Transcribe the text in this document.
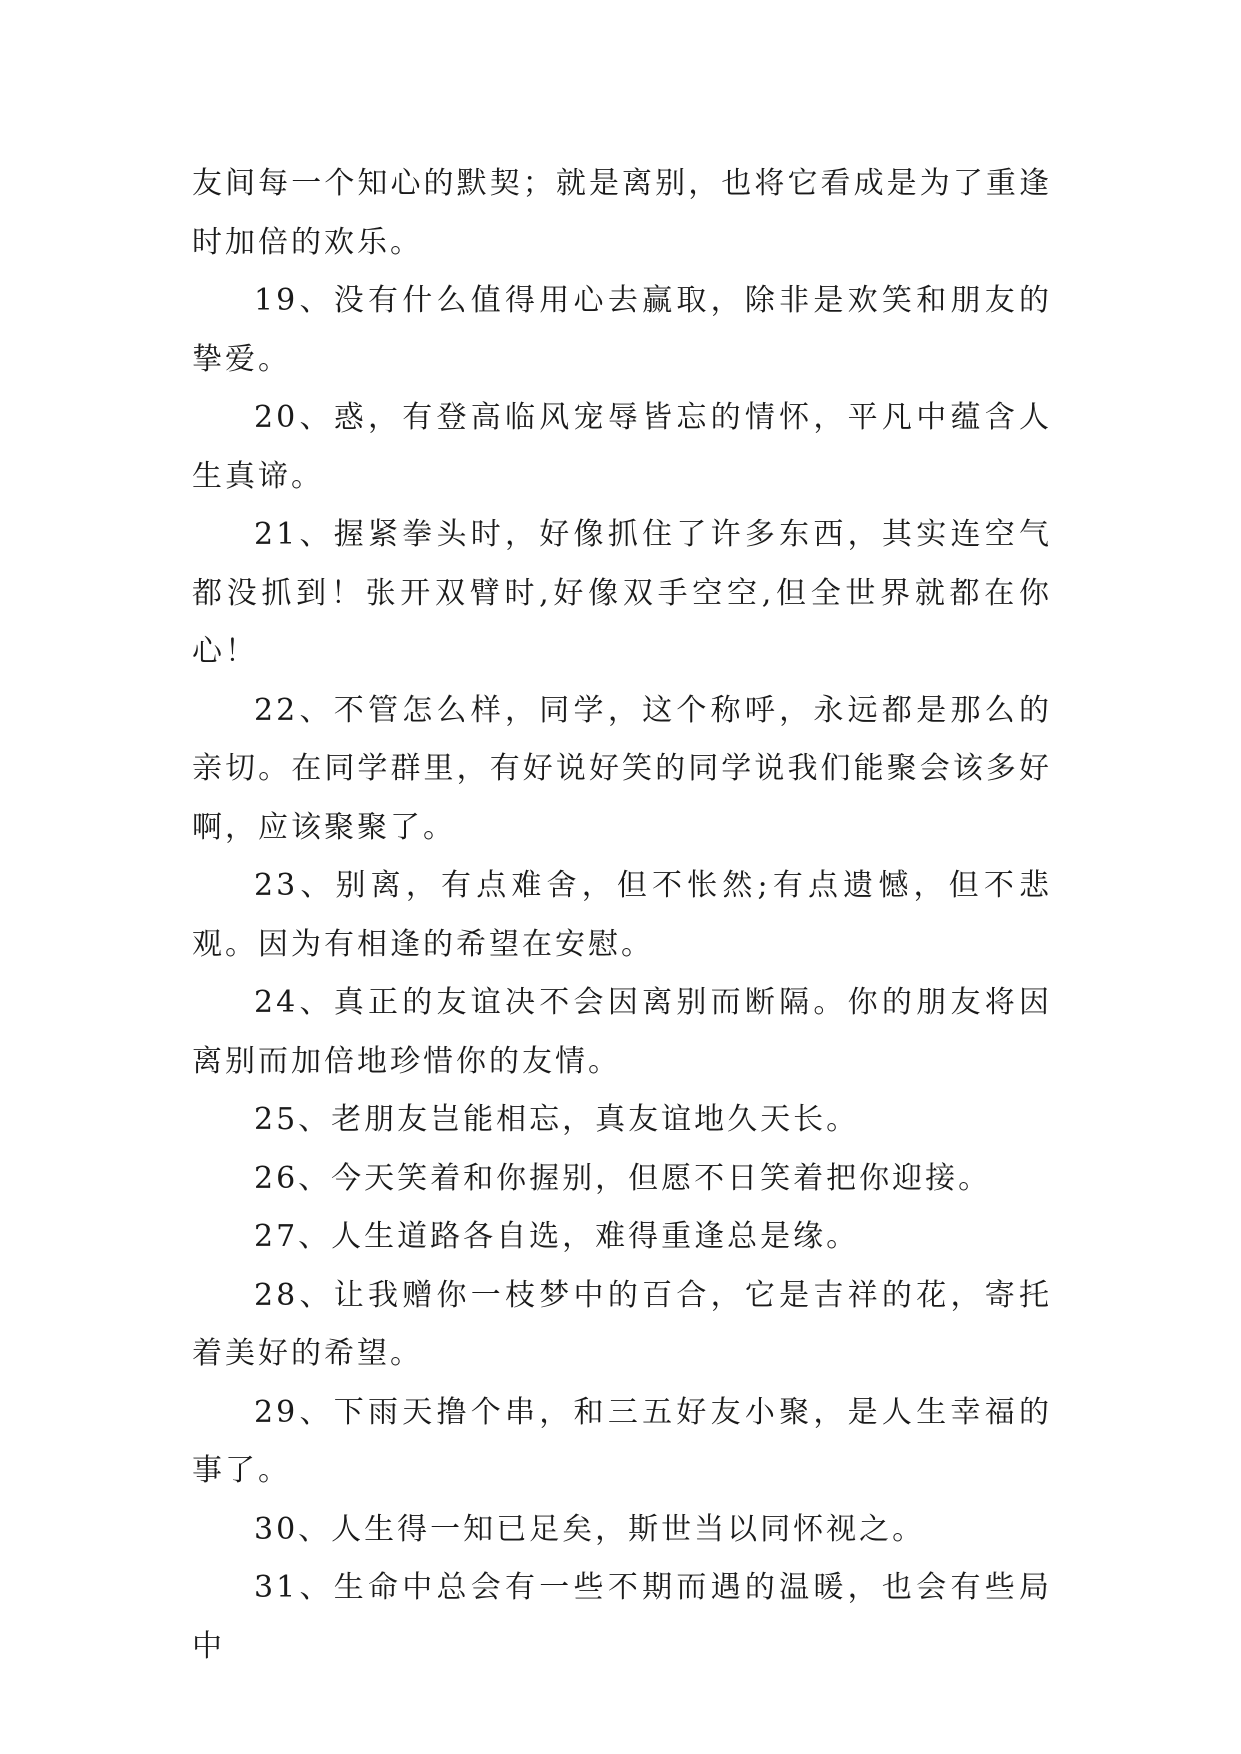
友间每一个知心的默契；就是离别，也将它看成是为了重逢时加倍的欢乐。

19、没有什么值得用心去赢取，除非是欢笑和朋友的挚爱。

20、惑，有登高临风宠辱皆忘的情怀，平凡中蕴含人生真谛。

21、握紧拳头时，好像抓住了许多东西，其实连空气都没抓到！张开双臂时,好像双手空空,但全世界就都在你心！

22、不管怎么样，同学，这个称呼，永远都是那么的亲切。在同学群里，有好说好笑的同学说我们能聚会该多好啊，应该聚聚了。

23、别离，有点难舍，但不怅然;有点遗憾，但不悲观。因为有相逢的希望在安慰。

24、真正的友谊决不会因离别而断隔。你的朋友将因离别而加倍地珍惜你的友情。

25、老朋友岂能相忘，真友谊地久天长。

26、今天笑着和你握别，但愿不日笑着把你迎接。

27、人生道路各自选，难得重逢总是缘。

28、让我赠你一枝梦中的百合，它是吉祥的花，寄托着美好的希望。

29、下雨天撸个串，和三五好友小聚，是人生幸福的事了。

30、人生得一知已足矣，斯世当以同怀视之。

31、生命中总会有一些不期而遇的温暖，也会有些局中
